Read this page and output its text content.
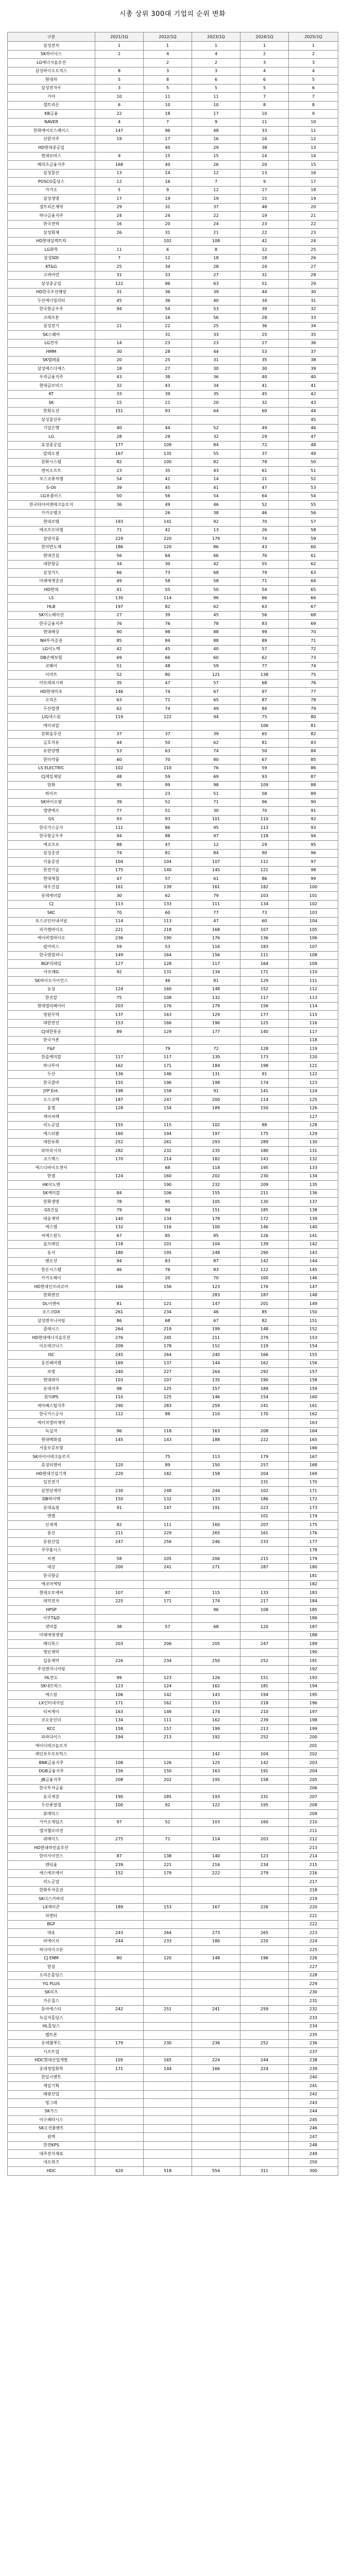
시총 상위 300대 기업의 순위 변화
구분	2021/1Q	2022/1Q	2023/1Q	2024/1Q	2025/1Q
삼성전자	1	1	1	1	1
SK하이닉스	2	4	4	2	2
LG에너지솔루션		2	2	3	3
삼성바이오로직스	8	3	3	4	4
현대차	5	8	6	6	5
삼성전자우	3	5	5	5	6
기아	10	11	11	7	7
셀트리온	6	10	10	8	8
KB금융	22	18	17	10	9
NAVER	4	7	9	11	10
한화에어로스페이스	147	96	48	33	11
신한지주	19	17	16	16	12
HD현대중공업		40	29	38	13
현대모비스	9	15	15	14	14
메리츠금융지주	168	40	26	20	15
삼성물산	13	14	12	13	16
POSCO홀딩스	12	16	7	9	17
카카오	5	9	12	17	18
삼성생명	17	19	19	15	19
셀트리온제약	29	31	37	48	20
하나금융지주	24	24	22	19	21
한국전력	16	20	24	23	22
삼성화재	26	31	21	22	23
HD현대일렉트릭		102	108	42	24
LG화학	11	6	8	12	25
삼성SDI	7	12	18	18	26
KT&G	25	34	28	24	27
고려아연	31	33	27	31	28
삼성중공업	122	96	63	51	29
HD한국조선해양	31	36	39	44	30
두산에너빌리티	45	36	40	34	31
한국항공우주	94	54	53	39	32
크래프톤		16	56	28	33
삼성전기	21	22	25	36	34
SK스퀘어		31	33	25	35
LG전자	14	23	23	27	36
HMM	30	28	44	53	37
SK텔레콤	20	25	31	35	38
삼성에스디에스	18	27	30	30	39
우리금융지주	43	38	36	40	40
현대글로비스	32	43	34	41	41
KT	33	39	35	45	42
SK	15	21	20	32	43
한화오션	151	93	64	60	44
삼성물산우					45
기업은행	40	44	52	49	46
LG	28	29	32	29	47
효성중공업	177	109	84	72	48
알테오젠	167	135	55	37	49
한화시스템	82	100	82	78	50
엔씨소프트	23	35	43	61	51
포스코퓨처엠	54	41	14	21	52
S-Oil	39	45	41	47	53
LG유플러스	50	56	54	64	54
한국타이어앤테크놀로지	36	49	46	52	55
카카오뱅크		26	38	46	56
현대로템	193	141	92	70	57
에코프로비엠	71	42	13	26	58
삼양식품	229	220	179	74	59
한미반도체	186	120	86	43	60
현대건설	56	64	66	76	61
대한항공	34	30	42	55	62
삼성카드	66	73	68	79	63
미래에셋증권	49	58	58	71	64
HD현대	41	55	50	54	65
LS	130	114	96	66	66
HLB	197	82	62	63	67
SK이노베이션	27	39	45	56	68
한국금융지주	76	76	78	83	69
현대해상	90	98	88	99	70
NH투자증권	85	84	88	89	71
LG이노텍	42	45	40	57	72
DB손해보험	69	66	60	62	73
코웨이	51	48	59	77	74
이마트	52	80	121	138	75
아모레퍼시픽	35	47	57	68	76
HD현대미포	146	74	67	97	77
오리온	63	71	65	87	78
두산밥캣	62	74	49	84	79
LIG넥스원	119	122	94	75	80
에이피알				106	81
한화솔루션	37	37	39	65	82
금호석유	44	50	62	81	83
유한양행	53	63	74	50	84
한미약품	60	70	80	67	85
LS ELECTRIC	102	110	76	59	86
CJ제일제당	48	59	69	93	87
한화	95	99	98	109	88
하이브		23	51	58	89
SK바이오팜	39	52	71	96	90
엘앤에프	77	51	30	70	91
GS	93	93	101	110	92
한국가스공사	111	86	95	113	93
한국항공우주	94	88	97	118	94
에코프로	88	47	12	29	95
삼성증권	74	81	84	90	96
키움증권	104	104	107	112	97
한전기술	175	140	145	121	98
현대제철	47	57	61	86	99
대우건설	161	139	161	182	100
롯데케미칼	30	62	79	103	101
CJ	113	133	111	134	102
SKC	70	60	77	73	103
포스코인터내셔널	114	113	47	60	104
리가켐바이오	221	218	168	107	105
에이비엘바이오	236	190	176	136	106
펄어비스	59	53	116	183	107
한국앤컴퍼니	149	164	156	111	108
BGF리테일	127	128	117	164	109
아모레G	92	131	134	171	110
SK바이오사이언스		46	81	129	111
농심	124	160	148	152	112
한진칼	75	108	132	117	113
현대엘리베이터	203	176	179	156	114
영원무역	137	163	129	177	115
대한전선	153	166	196	125	116
CJ대한통운	89	129	177	140	117
한국카본					118
F&F		79	72	128	119
한솔케미칼	117	117	130	173	120
하나투어	162	171	184	198	121
두산	136	146	131	91	122
한국콜마	155	196	198	174	123
JYP Ent.	198	158	91	141	124
오스코텍	187	247	200	114	125
휴젤	128	154	189	150	126
케이씨텍					127
리노공업	155	115	102	88	128
에스티팜	160	194	197	175	129
대한유화	252	261	293	289	130
파마리서치	282	232	235	180	131
코스맥스	170	214	182	143	132
에스디바이오센서		68	118	195	133
한샘	124	160	202	230	134
HK이노엔		190	232	209	135
SK케미칼	84	106	155	211	136
한화생명	78	95	105	130	137
GS건설	79	94	151	185	138
대웅제약	140	134	178	172	139
에스엠	132	116	100	146	140
씨에스윈드	67	85	85	126	141
솔브레인	118	101	104	139	142
동서	180	195	248	290	143
팬오션	94	83	87	142	144
한온시스템	46	76	83	122	145
카카오페이		20	70	100	146
HD현대인프라코어	166	156	123	176	147
한화엔진			283	187	148
DL이앤씨	81	121	147	201	149
포스코DX	261	234	46	85	150
삼성엔지니어링	86	68	67	82	151
클래시스	264	219	199	148	152
HD현대에너지솔루션	276	245	211	279	153
이오테크닉스	209	178	152	119	154
ISC	245	264	240	166	155
동진쎄미켐	169	137	144	162	156
보령	240	227	264	292	157
현대위아	103	107	135	190	158
롯데지주	98	125	157	189	159
원익IPS	110	125	146	154	160
세아베스틸지주	290	283	259	241	161
한국가스공사	112	88	110	170	162
에이치엘비제약					163
녹십자	96	118	163	208	164
현대백화점	145	143	188	222	165
서울보증보험					166
SK아이이테크놀로지		75	113	179	167
효성티앤씨	120	89	150	257	168
HD현대건설기계	220	182	158	204	169
일진전기				231	170
삼천당제약	230	248	244	102	171
DB하이텍	150	132	133	186	172
롯데쇼핑	91	147	191	223	173
엔켐				101	174
신세계	82	111	160	207	175
풍산	211	229	265	161	176
동원산업	247	256	246	233	177
쿠쿠홈시스					178
씨젠	58	105	206	215	179
대상	200	241	271	287	180
한국항공					181
에코마케팅					182
현대오토에버	107	87	115	133	183
대덕전자	225	171	174	217	184
HPSP			96	108	185
서부T&D					186
넷마블	38	57	68	120	187
미래에셋생명					188
메디톡스	203	206	205	247	189
명인제약					190
일동제약	226	234	250	252	191
주성엔지니어링					192
HL만도	99	123	126	151	193
SK네트웍스	123	124	162	181	194
에스원	106	142	143	194	195
LX인터내셔널	171	162	153	218	196
티씨케이	163	149	174	210	197
코오롱인더	134	111	162	239	198
KCC	158	157	199	213	199
파라다이스	194	213	192	252	200
에이디테크놀로지					201
레인보우로보틱스			142	104	202
BNK금융지주	108	126	125	142	203
DGB금융지주	156	150	163	191	204
JB금융지주	208	202	195	158	205
한국투자금융					206
동국제강	190	185	193	231	207
두산퓨얼셀	100	92	122	195	208
휴메딕스					209
카카오게임즈	97	52	103	160	210
엘지헬로비전					211
위메이드	275	71	114	203	212
HD현대마린솔루션					213
한미사이언스	87	138	140	123	214
덴티움	239	221	216	234	215
에스에프에이	152	179	222	279	216
리노공업					217
한화투자증권					218
SK디스커버리					219
LX세미콘	189	153	167	226	220
피엔티					221
BGF					222
대웅	243	264	273	265	223
비에이치	244	233	180	220	224
하나마이크론					225
CJ ENM	80	120	148	196	226
한섬					227
오리온홀딩스					228
YG PLUS					229
SK리츠					230
가온칩스					231
동아에스티	242	251	241	259	232
녹십자홀딩스					233
HL홀딩스					234
펩트론					235
롯데웰푸드	179	230	236	252	236
시프트업					237
HDC현대산업개발	105	165	224	244	238
롯데정밀화학	171	144	166	224	239
한일시멘트					240
제일기획					241
태광산업					242
빙그레					243
SK가스					244
이수페타시스					245
SK오션플랜트					246
원텍					247
한전KPS					248
대주전자재료					249
네오위즈					250
HDC	420	518	554	311	300
